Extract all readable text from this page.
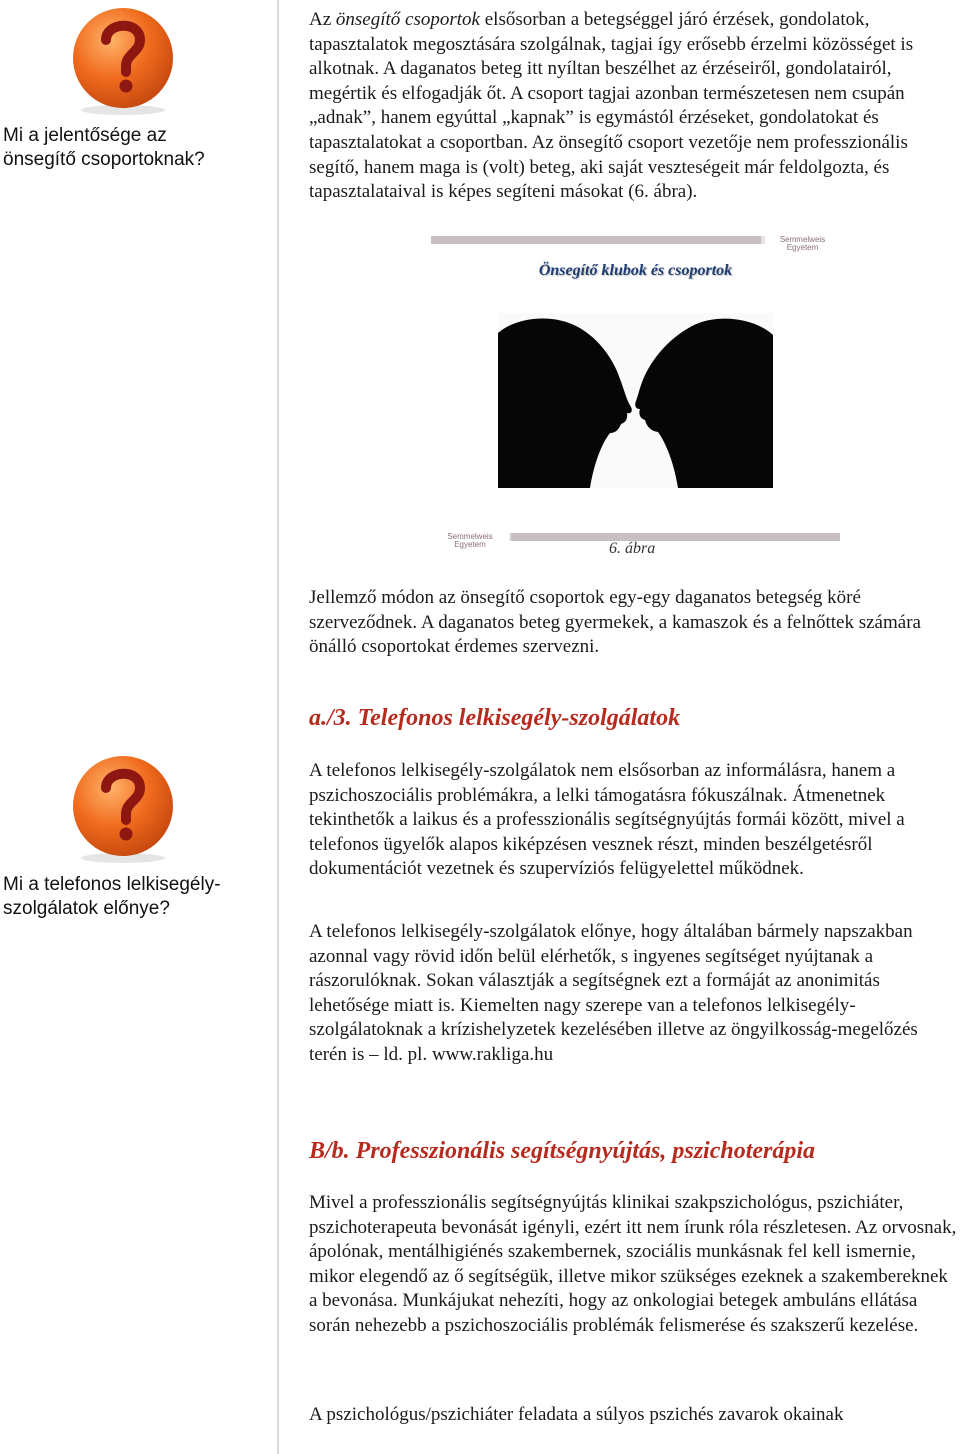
Mi a jelentősége az önsegítő csoportoknak?
Mi a telefonos lelkisegély-szolgálatok előnye?

Az önsegítő csoportok elsősorban a betegséggel járó érzések, gondolatok, tapasztalatok megosztására szolgálnak, tagjai így erősebb érzelmi közösséget is alkotnak. A daganatos beteg itt nyíltan beszélhet az érzéseiről, gondolatairól, megértik és elfogadják őt. A csoport tagjai azonban természetesen nem csupán „adnak”, hanem egyúttal „kapnak” is egymástól érzéseket, gondolatokat és tapasztalatokat a csoportban. Az önsegítő csoport vezetője nem professzionális segítő, hanem maga is (volt) beteg, aki saját veszteségeit már feldolgozta, és tapasztalataival is képes segíteni másokat (6. ábra).

Semmelweis Egyetem
Önsegítő klubok és csoportok
Semmelweis Egyetem	6. ábra

Jellemző módon az önsegítő csoportok egy-egy daganatos betegség köré szerveződnek. A daganatos beteg gyermekek, a kamaszok és a felnőttek számára önálló csoportokat érdemes szervezni.

a./3. Telefonos lelkisegély-szolgálatok

A telefonos lelkisegély-szolgálatok nem elsősorban az informálásra, hanem a pszichoszociális problémákra, a lelki támogatásra fókuszálnak. Átmenetnek tekinthetők a laikus és a professzionális segítségnyújtás formái között, mivel a telefonos ügyelők alapos kiképzésen vesznek részt, minden beszélgetésről dokumentációt vezetnek és szupervíziós felügyelettel működnek.

A telefonos lelkisegély-szolgálatok előnye, hogy általában bármely napszakban azonnal vagy rövid időn belül elérhetők, s ingyenes segítséget nyújtanak a rászorulóknak. Sokan választják a segítségnek ezt a formáját az anonimitás lehetősége miatt is. Kiemelten nagy szerepe van a telefonos lelkisegély-szolgálatoknak a krízishelyzetek kezelésében illetve az öngyilkosság-megelőzés terén is – ld. pl. www.rakliga.hu

B/b. Professzionális segítségnyújtás, pszichoterápia

Mivel a professzionális segítségnyújtás klinikai szakpszichológus, pszichiáter, pszichoterapeuta bevonását igényli, ezért itt nem írunk róla részletesen. Az orvosnak, ápolónak, mentálhigiénés szakembernek, szociális munkásnak fel kell ismernie, mikor elegendő az ő segítségük, illetve mikor szükséges ezeknek a szakembereknek a bevonása. Munkájukat nehezíti, hogy az onkologiai betegek ambuláns ellátása során nehezebb a pszichoszociális problémák felismerése és szakszerű kezelése.

A pszichológus/pszichiáter feladata a súlyos pszichés zavarok okainak
